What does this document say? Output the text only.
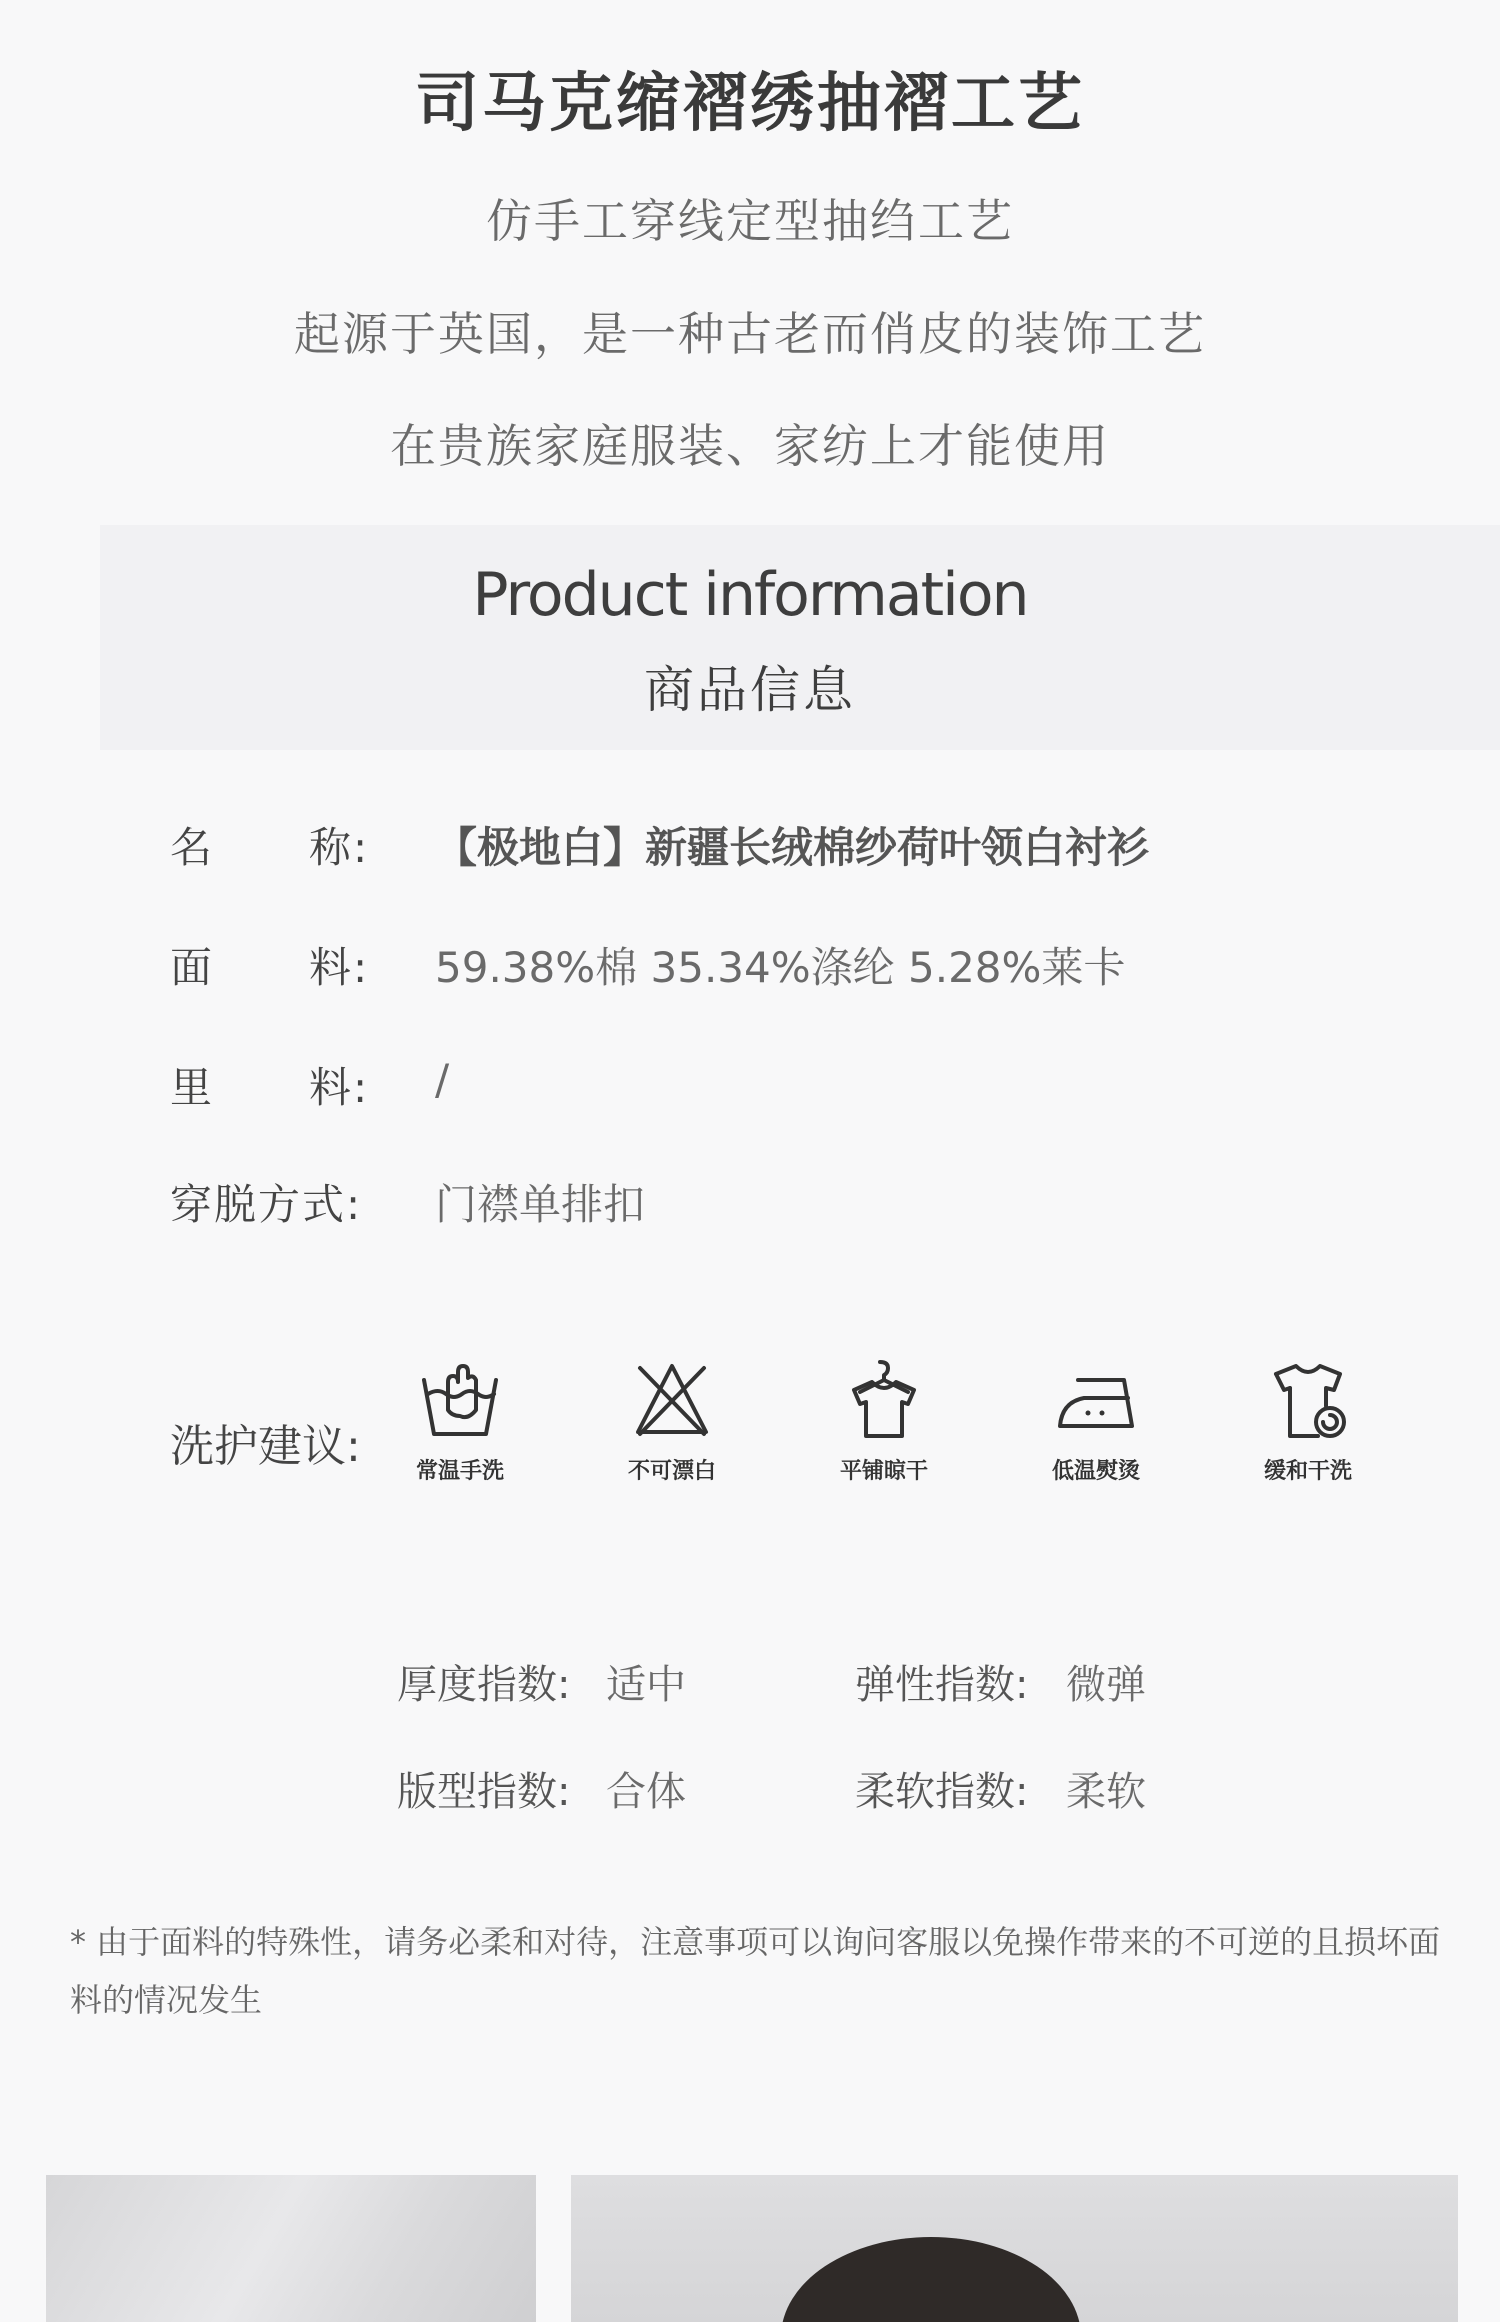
司马克缩褶绣抽褶工艺
仿手工穿线定型抽绉工艺
起源于英国，是一种古老而俏皮的装饰工艺
在贵族家庭服装、家纺上才能使用
Product information
商品信息
名 称: 【极地白】新疆长绒棉纱荷叶领白衬衫
面 料: 59.38%棉 35.34%涤纶 5.28%莱卡
里 料: /
穿脱方式: 门襟单排扣
洗护建议:	常温手洗	不可漂白	平铺晾干	低温熨烫	缓和干洗
厚度指数: 适中	弹性指数: 微弹
版型指数: 合体	柔软指数: 柔软
* 由于面料的特殊性，请务必柔和对待，注意事项可以询问客服以免操作带来的不可逆的且损坏面料的情况发生
